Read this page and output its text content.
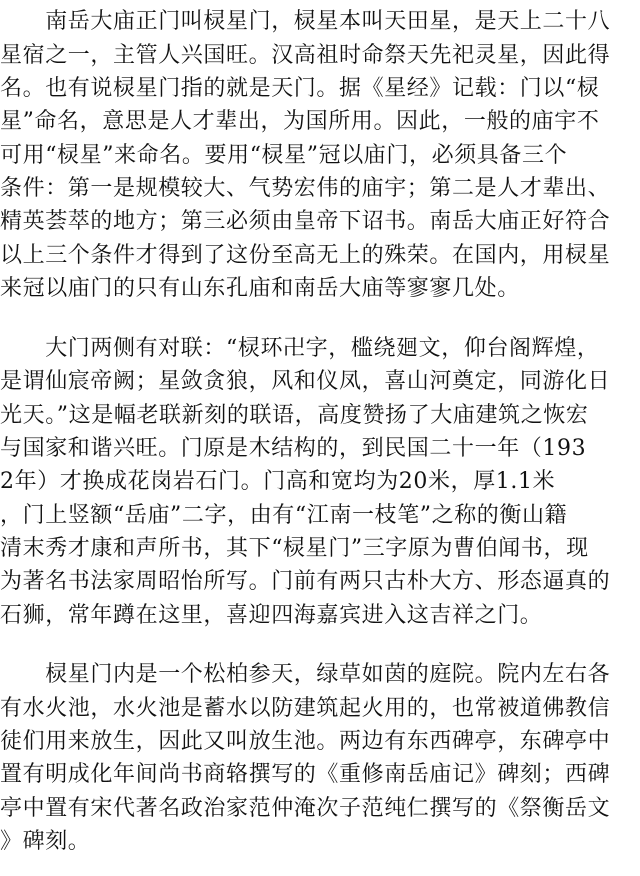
　　南岳大庙正门叫棂星门，棂星本叫天田星，是天上二十八
星宿之一，主管人兴国旺。汉高祖时命祭天先祀灵星，因此得
名。也有说棂星门指的就是天门。据《星经》记载：门以“棂
星”命名，意思是人才辈出，为国所用。因此，一般的庙宇不
可用“棂星”来命名。要用“棂星”冠以庙门，必须具备三个
条件：第一是规模较大、气势宏伟的庙宇；第二是人才辈出、
精英荟萃的地方；第三必须由皇帝下诏书。南岳大庙正好符合
以上三个条件才得到了这份至高无上的殊荣。在国内，用棂星
来冠以庙门的只有山东孔庙和南岳大庙等寥寥几处。
　　大门两侧有对联：“棂环卍字，槛绕廻文，仰台阁辉煌，
是谓仙宸帝阙；星敛贪狼，风和仪凤，喜山河奠定，同游化日
光天。”这是幅老联新刻的联语，高度赞扬了大庙建筑之恢宏
与国家和谐兴旺。门原是木结构的，到民国二十一年（193
2年）才换成花岗岩石门。门高和宽均为20米，厚1.1米
，门上竖额“岳庙”二字，由有“江南一枝笔”之称的衡山籍
清末秀才康和声所书，其下“棂星门”三字原为曹伯闻书，现
为著名书法家周昭怡所写。门前有两只古朴大方、形态逼真的
石狮，常年蹲在这里，喜迎四海嘉宾进入这吉祥之门。
　　棂星门内是一个松柏参天，绿草如茵的庭院。院内左右各
有水火池，水火池是蓄水以防建筑起火用的，也常被道佛教信
徒们用来放生，因此又叫放生池。两边有东西碑亭，东碑亭中
置有明成化年间尚书商辂撰写的《重修南岳庙记》碑刻；西碑
亭中置有宋代著名政治家范仲淹次子范纯仁撰写的《祭衡岳文
》碑刻。
